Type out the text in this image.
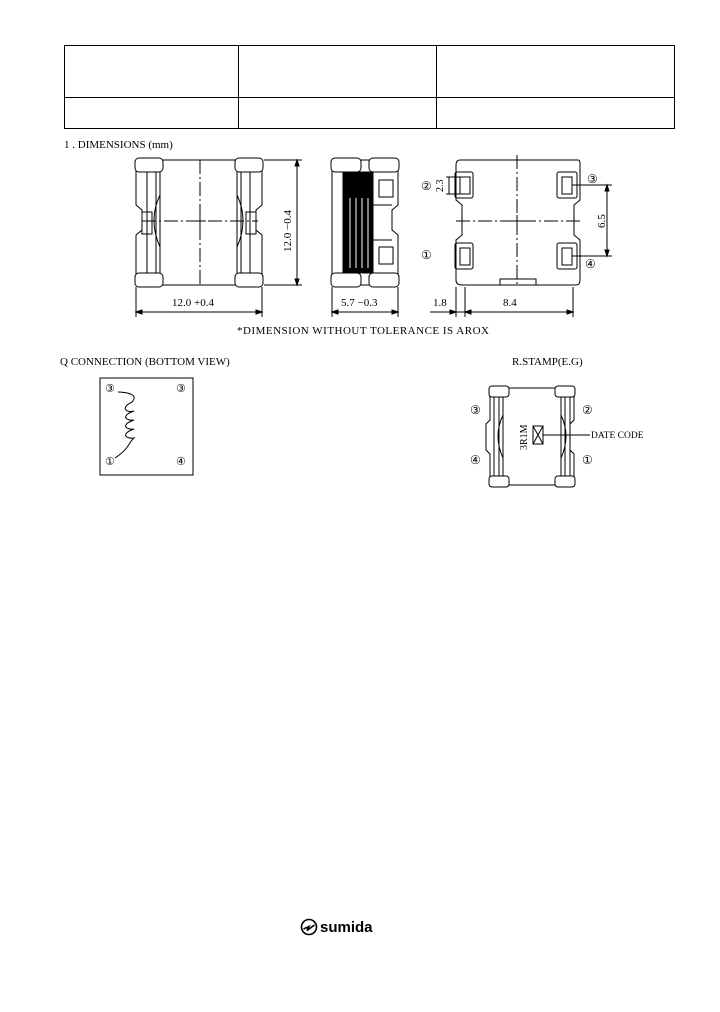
1 . DIMENSIONS (mm)
Q CONNECTION (BOTTOM VIEW)	R.STAMP(E.G)
*DIMENSION WITHOUT TOLERANCE IS AROX
12.0 +0.4
12.0 −0.4
5.7 −0.3	1.8	8.4
2.3
6.5
②	③
①
④
③	③
①	④
③	②
④	①
3R1M	DATE CODE
sumida
